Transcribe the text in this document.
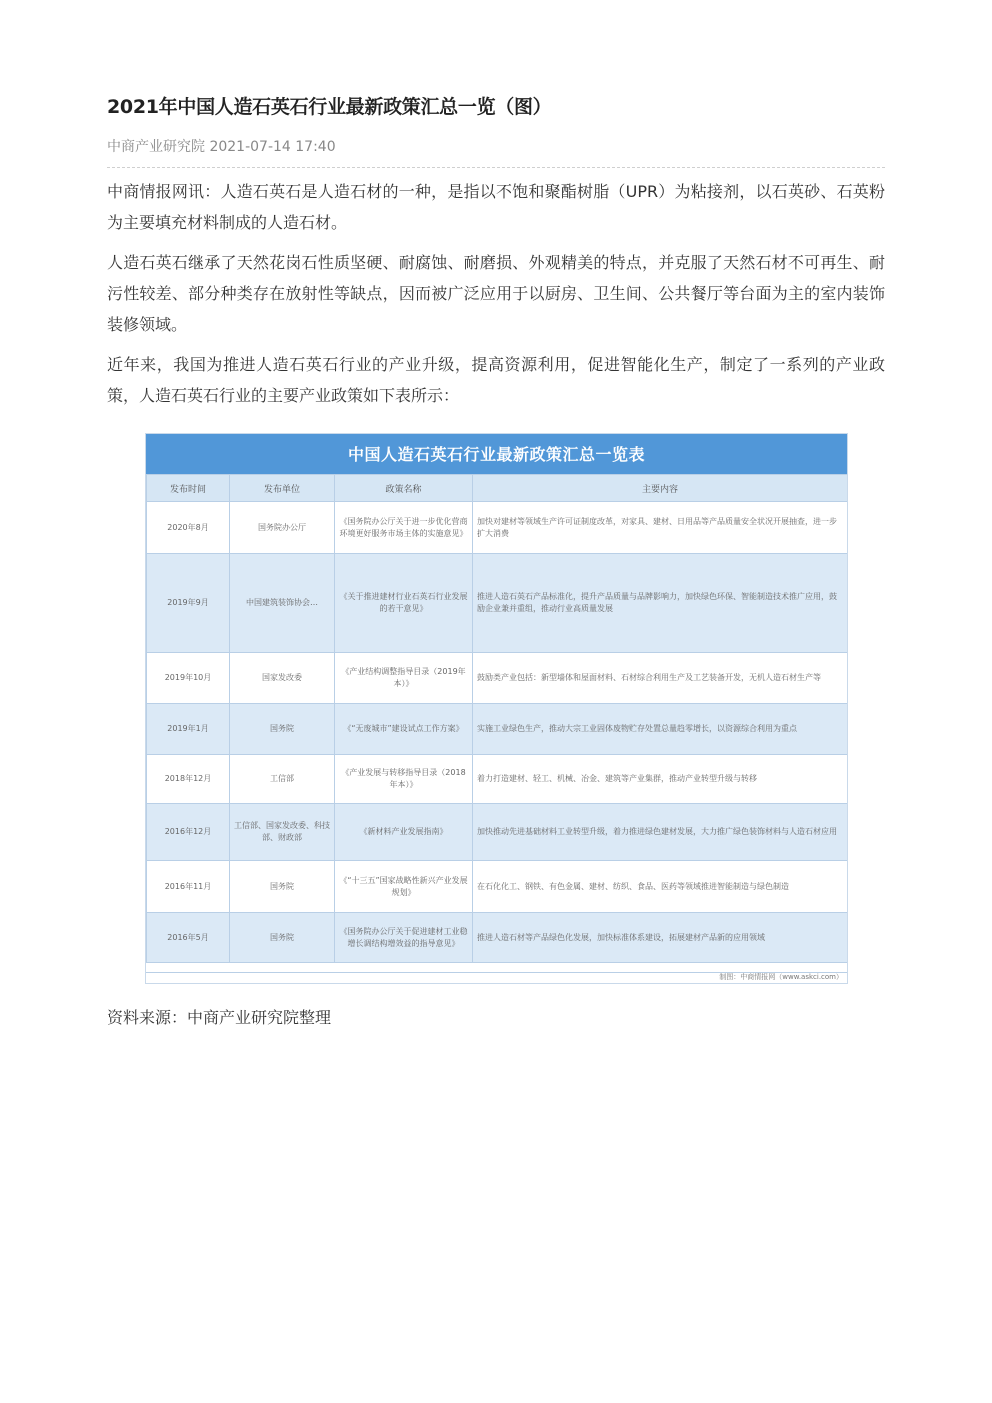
2021年中国人造石英石行业最新政策汇总一览（图）
中商产业研究院 2021-07-14 17:40

中商情报网讯：人造石英石是人造石材的一种，是指以不饱和聚酯树脂（UPR）为粘接剂，以石英砂、石英粉为主要填充材料制成的人造石材。

人造石英石继承了天然花岗石性质坚硬、耐腐蚀、耐磨损、外观精美的特点，并克服了天然石材不可再生、耐污性较差、部分种类存在放射性等缺点，因而被广泛应用于以厨房、卫生间、公共餐厅等台面为主的室内装饰装修领域。

近年来，我国为推进人造石英石行业的产业升级，提高资源利用，促进智能化生产，制定了一系列的产业政策，人造石英石行业的主要产业政策如下表所示：

资料来源：中商产业研究院整理
中国人造石英石行业最新政策汇总一览表
发布时间	发布单位	政策名称	主要内容
2020年8月	国务院办公厅	《国务院办公厅关于进一步优化营商环境更好服务市场主体的实施意见》	加快对建材等领域生产许可证制度改革，对家具、建材、日用品等产品质量安全状况开展抽查，进一步扩大消费
2019年9月	中国建筑装饰协会…	《关于推进建材行业石英石行业发展的若干意见》	推进人造石英石产品标准化，提升产品质量与品牌影响力，加快绿色环保、智能制造技术推广应用，鼓励企业兼并重组，推动行业高质量发展
2019年10月	国家发改委	《产业结构调整指导目录（2019年本）》	鼓励类产业包括：新型墙体和屋面材料、石材综合利用生产及工艺装备开发，无机人造石材生产等
2019年1月	国务院	《“无废城市”建设试点工作方案》	实施工业绿色生产，推动大宗工业固体废物贮存处置总量趋零增长，以资源综合利用为重点
2018年12月	工信部	《产业发展与转移指导目录（2018年本）》	着力打造建材、轻工、机械、冶金、建筑等产业集群，推动产业转型升级与转移
2016年12月	工信部、国家发改委、科技部、财政部	《新材料产业发展指南》	加快推动先进基础材料工业转型升级，着力推进绿色建材发展，大力推广绿色装饰材料与人造石材应用
2016年11月	国务院	《“十三五”国家战略性新兴产业发展规划》	在石化化工、钢铁、有色金属、建材、纺织、食品、医药等领域推进智能制造与绿色制造
2016年5月	国务院	《国务院办公厅关于促进建材工业稳增长调结构增效益的指导意见》	推进人造石材等产品绿色化发展，加快标准体系建设，拓展建材产品新的应用领域
制图：中商情报网（www.askci.com）
